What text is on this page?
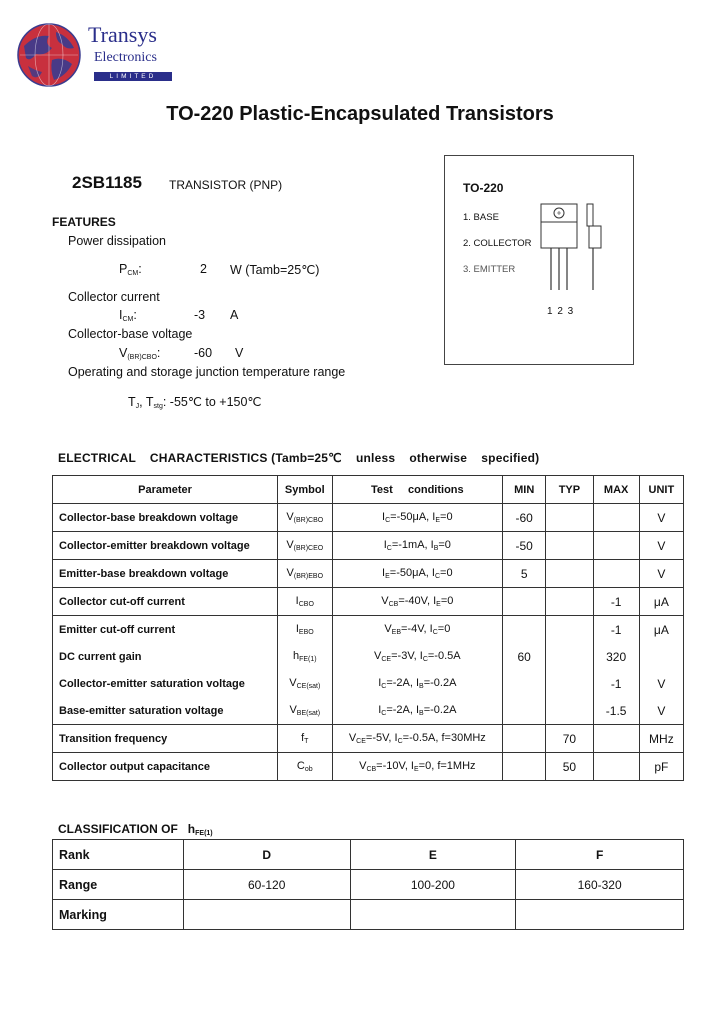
Transys
Electronics
LIMITED
TO-220 Plastic-Encapsulated Transistors
2SB1185 TRANSISTOR (PNP)
FEATURES
Power dissipation
$P_{CM}$:	2 W (Tamb=25℃)
Collector current
$I_{CM}$:	-3 A
Collector-base voltage
$V_{(BR)CBO}$:	-60 V
Operating and storage junction temperature range
$T_J$, $T_{stg}$: -55℃ to +150℃
TO-220
1. BASE
2. COLLECTOR
3. EMITTER
1 2 3
ELECTRICAL    CHARACTERISTICS (Tamb=25℃    unless    otherwise    specified)
Parameter	Symbol	Test     conditions	MIN	TYP	MAX	UNIT
Collector-base breakdown voltage	$V_{(BR)CBO}$	$I_C=-50\mu A$, $I_E=0$	-60			V
Collector-emitter breakdown voltage	$V_{(BR)CEO}$	$I_C=-1mA$, $I_B=0$	-50			V
Emitter-base breakdown voltage	$V_{(BR)EBO}$	$I_E=-50\mu A$, $I_C=0$	5			V
Collector cut-off current	$I_{CBO}$	$V_{CB}=-40V$, $I_E=0$			-1	μA
Emitter cut-off current	$I_{EBO}$	$V_{EB}=-4V$, $I_C=0$			-1	μA
DC current gain	$h_{FE(1)}$	$V_{CE}=-3V$, $I_C=-0.5A$	60		320	
Collector-emitter saturation voltage	$V_{CE(sat)}$	$I_C=-2A$, $I_B=-0.2A$			-1	V
Base-emitter saturation voltage	$V_{BE(sat)}$	$I_C=-2A$, $I_B=-0.2A$			-1.5	V
Transition frequency	$f_T$	$V_{CE}=-5V$, $I_C=-0.5A$, f=30MHz		70		MHz
Collector output capacitance	$C_{ob}$	$V_{CB}=-10V$, $I_E=0$, f=1MHz		50		pF
CLASSIFICATION OF $h_{FE(1)}$
Rank	D	E	F
Range	60-120	100-200	160-320
Marking			
